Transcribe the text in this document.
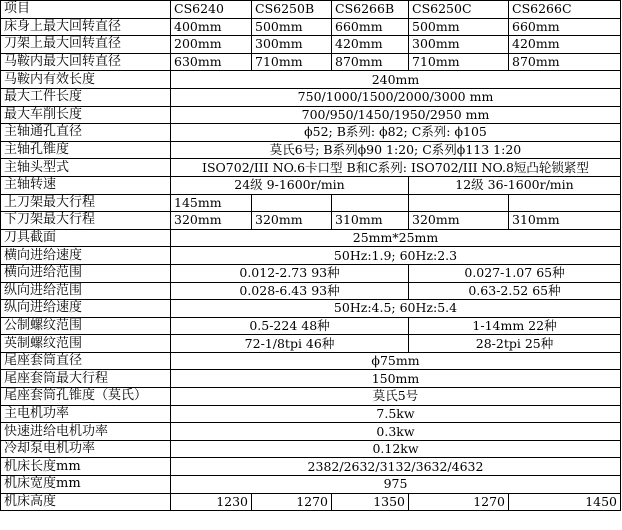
项目	CS6240	CS6250B	CS6266B	CS6250C	CS6266C
床身上最大回转直径	400mm	500mm	660mm	500mm	660mm
刀架上最大回转直径	200mm	300mm	420mm	300mm	420mm
马鞍内最大回转直径	630mm	710mm	870mm	710mm	870mm
马鞍内有效长度	240mm				
最大工件长度	750/1000/1500/2000/3000 mm				
最大车削长度	700/950/1450/1950/2950 mm				
主轴通孔直径	ϕ52; B系列: ϕ82; C系列: ϕ105				
主轴孔锥度	莫氏6号; B系列ϕ90 1:20; C系列ϕ113 1:20				
主轴头型式	ISO702/III NO.6卡口型 B和C系列: ISO702/III NO.8短凸轮锁紧型				
主轴转速	24级 9-1600r/min			12级 36-1600r/min	
上刀架最大行程	145mm				
下刀架最大行程	320mm	320mm	310mm	320mm	310mm
刀具截面	25mm*25mm				
横向进给速度	50Hz:1.9; 60Hz:2.3				
横向进给范围	0.012-2.73 93种			0.027-1.07 65种	
纵向进给范围	0.028-6.43 93种			0.63-2.52 65种	
纵向进给速度	50Hz:4.5; 60Hz:5.4				
公制螺纹范围	0.5-224 48种			1-14mm 22种	
英制螺纹范围	72-1/8tpi 46种			28-2tpi 25种	
尾座套筒直径	ϕ75mm				
尾座套筒最大行程	150mm				
尾座套筒孔锥度（莫氏）	莫氏5号				
主电机功率	7.5kw				
快速进给电机功率	0.3kw				
冷却泵电机功率	0.12kw				
机床长度mm	2382/2632/3132/3632/4632				
机床宽度mm	975				
机床高度	1230	1270	1350	1270	1450
